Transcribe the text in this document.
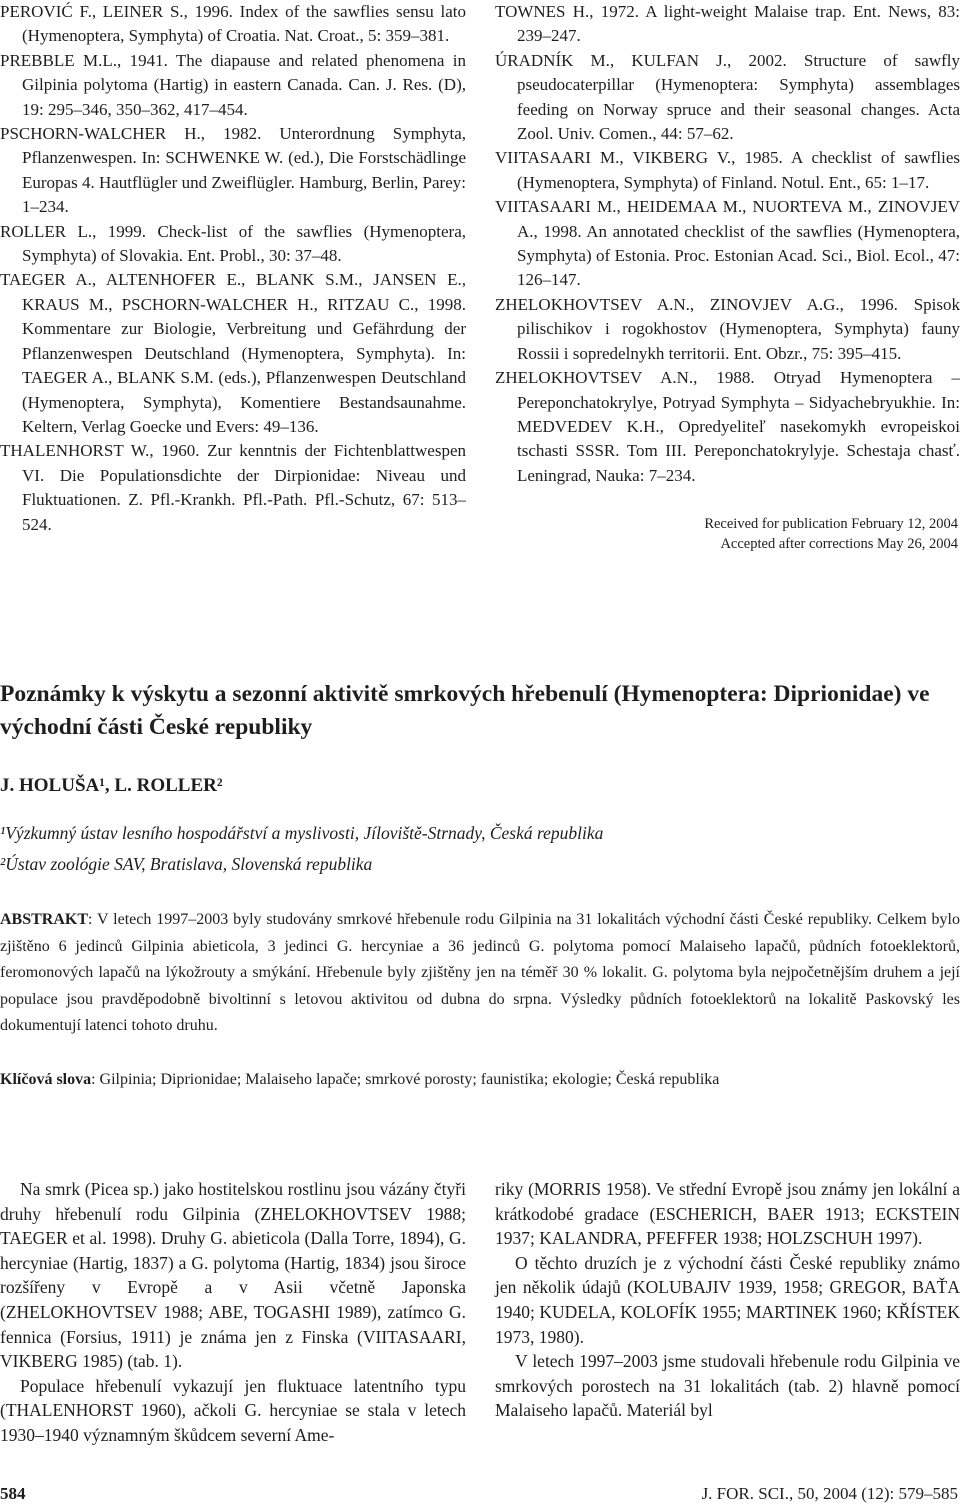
PEROVIĆ F., LEINER S., 1996. Index of the sawflies sensu lato (Hymenoptera, Symphyta) of Croatia. Nat. Croat., 5: 359–381.

PREBBLE M.L., 1941. The diapause and related phenomena in Gilpinia polytoma (Hartig) in eastern Canada. Can. J. Res. (D), 19: 295–346, 350–362, 417–454.

PSCHORN-WALCHER H., 1982. Unterordnung Symphyta, Pflanzenwespen. In: SCHWENKE W. (ed.), Die Forstschädlinge Europas 4. Hautflügler und Zweiflügler. Hamburg, Berlin, Parey: 1–234.

ROLLER L., 1999. Check-list of the sawflies (Hymenoptera, Symphyta) of Slovakia. Ent. Probl., 30: 37–48.

TAEGER A., ALTENHOFER E., BLANK S.M., JANSEN E., KRAUS M., PSCHORN-WALCHER H., RITZAU C., 1998. Kommentare zur Biologie, Verbreitung und Gefährdung der Pflanzenwespen Deutschland (Hymenoptera, Symphyta). In: TAEGER A., BLANK S.M. (eds.), Pflanzenwespen Deutschland (Hymenoptera, Symphyta), Komentiere Bestandsaunahme. Keltern, Verlag Goecke und Evers: 49–136.

THALENHORST W., 1960. Zur kenntnis der Fichtenblattwespen VI. Die Populationsdichte der Dirpionidae: Niveau und Fluktuationen. Z. Pfl.-Krankh. Pfl.-Path. Pfl.-Schutz, 67: 513–524.

TOWNES H., 1972. A light-weight Malaise trap. Ent. News, 83: 239–247.

ÚRADNÍK M., KULFAN J., 2002. Structure of sawfly pseudocaterpillar (Hymenoptera: Symphyta) assemblages feeding on Norway spruce and their seasonal changes. Acta Zool. Univ. Comen., 44: 57–62.

VIITASAARI M., VIKBERG V., 1985. A checklist of sawflies (Hymenoptera, Symphyta) of Finland. Notul. Ent., 65: 1–17.

VIITASAARI M., HEIDEMAA M., NUORTEVA M., ZINOVJEV A., 1998. An annotated checklist of the sawflies (Hymenoptera, Symphyta) of Estonia. Proc. Estonian Acad. Sci., Biol. Ecol., 47: 126–147.

ZHELOKHOVTSEV A.N., ZINOVJEV A.G., 1996. Spisok pilischikov i rogokhostov (Hymenoptera, Symphyta) fauny Rossii i sopredelnykh territorii. Ent. Obzr., 75: 395–415.

ZHELOKHOVTSEV A.N., 1988. Otryad Hymenoptera – Pereponchatokrylye, Potryad Symphyta – Sidyachebryukhie. In: MEDVEDEV K.H., Opredyeliteľ nasekomykh evropeiskoi tschasti SSSR. Tom III. Pereponchatokrylyje. Schestaja chasť. Leningrad, Nauka: 7–234.

Received for publication February 12, 2004
Accepted after corrections May 26, 2004
Poznámky k výskytu a sezonní aktivitě smrkových hřebenulí (Hymenoptera: Diprionidae) ve východní části České republiky
J. HOLUŠA¹, L. ROLLER²
¹Výzkumný ústav lesního hospodářství a myslivosti, Jíloviště-Strnady, Česká republika
²Ústav zoológie SAV, Bratislava, Slovenská republika

ABSTRAKT: V letech 1997–2003 byly studovány smrkové hřebenule rodu Gilpinia na 31 lokalitách východní části České republiky. Celkem bylo zjištěno 6 jedinců Gilpinia abieticola, 3 jedinci G. hercyniae a 36 jedinců G. polytoma pomocí Malaiseho lapačů, půdních fotoeklektorů, feromonových lapačů na lýkožrouty a smýkání. Hřebenule byly zjištěny jen na téměř 30 % lokalit. G. polytoma byla nejpočetnějším druhem a její populace jsou pravděpodobně bivoltinní s letovou aktivitou od dubna do srpna. Výsledky půdních fotoeklektorů na lokalitě Paskovský les dokumentují latenci tohoto druhu.

Klíčová slova: Gilpinia; Diprionidae; Malaiseho lapače; smrkové porosty; faunistika; ekologie; Česká republika

Na smrk (Picea sp.) jako hostitelskou rostlinu jsou vázány čtyři druhy hřebenulí rodu Gilpinia (ZHELOKHOVTSEV 1988; TAEGER et al. 1998). Druhy G. abieticola (Dalla Torre, 1894), G. hercyniae (Hartig, 1837) a G. polytoma (Hartig, 1834) jsou široce rozšířeny v Evropě a v Asii včetně Japonska (ZHELOKHOVTSEV 1988; ABE, TOGASHI 1989), zatímco G. fennica (Forsius, 1911) je známa jen z Finska (VIITASAARI, VIKBERG 1985) (tab. 1).

Populace hřebenulí vykazují jen fluktuace latentního typu (THALENHORST 1960), ačkoli G. hercyniae se stala v letech 1930–1940 významným škůdcem severní Ame-

riky (MORRIS 1958). Ve střední Evropě jsou známy jen lokální a krátkodobé gradace (ESCHERICH, BAER 1913; ECKSTEIN 1937; KALANDRA, PFEFFER 1938; HOLZSCHUH 1997).

O těchto druzích je z východní části České republiky známo jen několik údajů (KOLUBAJIV 1939, 1958; GREGOR, BAŤA 1940; KUDELA, KOLOFÍK 1955; MARTINEK 1960; KŘÍSTEK 1973, 1980).

V letech 1997–2003 jsme studovali hřebenule rodu Gilpinia ve smrkových porostech na 31 lokalitách (tab. 2) hlavně pomocí Malaiseho lapačů. Materiál byl

584	J. FOR. SCI., 50, 2004 (12): 579–585
